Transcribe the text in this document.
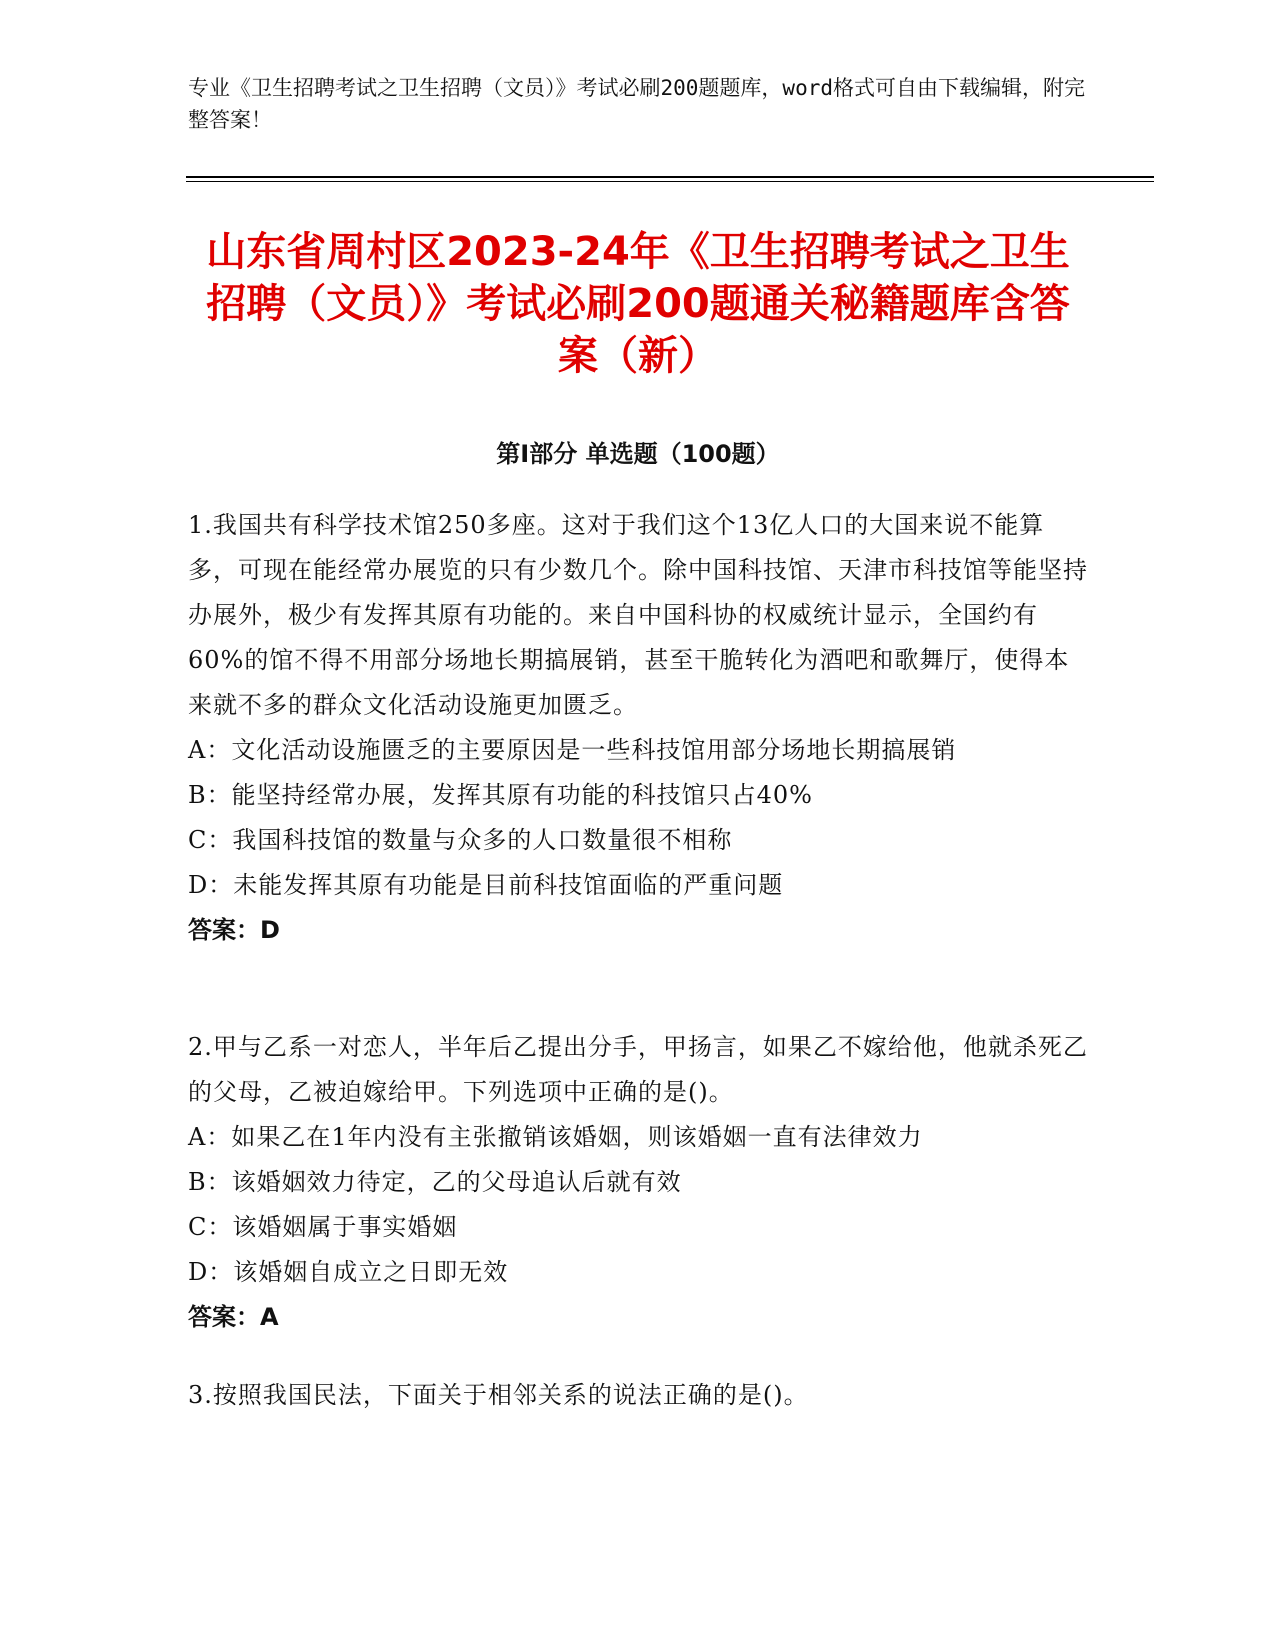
专业《卫生招聘考试之卫生招聘（文员）》考试必刷200题题库，word格式可自由下载编辑，附完整答案！
山东省周村区2023-24年《卫生招聘考试之卫生招聘（文员）》考试必刷200题通关秘籍题库含答案（新）
第Ⅰ部分 单选题（100题）
1.我国共有科学技术馆250多座。这对于我们这个13亿人口的大国来说不能算多，可现在能经常办展览的只有少数几个。除中国科技馆、天津市科技馆等能坚持办展外，极少有发挥其原有功能的。来自中国科协的权威统计显示，全国约有60%的馆不得不用部分场地长期搞展销，甚至干脆转化为酒吧和歌舞厅，使得本来就不多的群众文化活动设施更加匮乏。
A：文化活动设施匮乏的主要原因是一些科技馆用部分场地长期搞展销
B：能坚持经常办展，发挥其原有功能的科技馆只占40%
C：我国科技馆的数量与众多的人口数量很不相称
D：未能发挥其原有功能是目前科技馆面临的严重问题
答案：D
2.甲与乙系一对恋人，半年后乙提出分手，甲扬言，如果乙不嫁给他，他就杀死乙的父母，乙被迫嫁给甲。下列选项中正确的是()。
A：如果乙在1年内没有主张撤销该婚姻，则该婚姻一直有法律效力
B：该婚姻效力待定，乙的父母追认后就有效
C：该婚姻属于事实婚姻
D：该婚姻自成立之日即无效
答案：A
3.按照我国民法，下面关于相邻关系的说法正确的是()。
